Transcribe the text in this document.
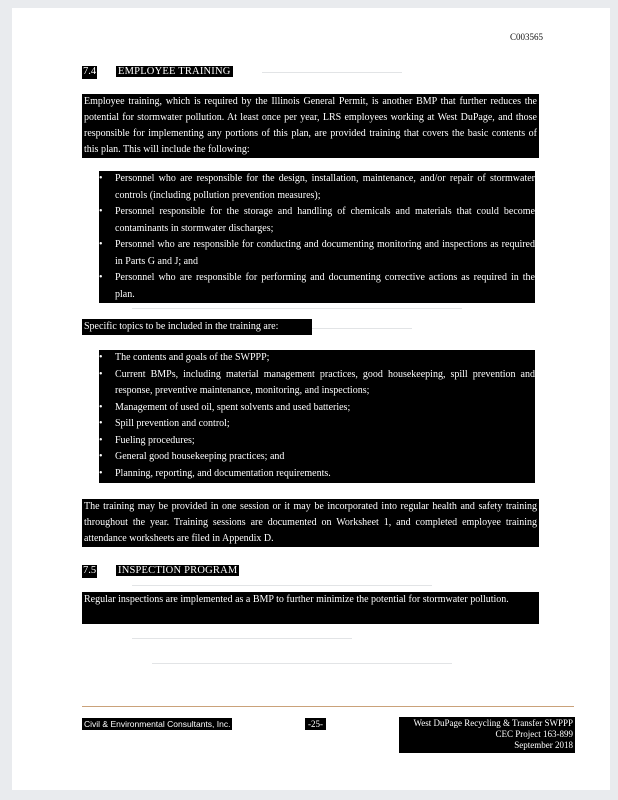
C003565
7.4 EMPLOYEE TRAINING
Employee training, which is required by the Illinois General Permit, is another BMP that further reduces the potential for stormwater pollution. At least once per year, LRS employees working at West DuPage, and those responsible for implementing any portions of this plan, are provided training that covers the basic contents of this plan. This will include the following:
• Personnel who are responsible for the design, installation, maintenance, and/or repair of stormwater controls (including pollution prevention measures);
• Personnel responsible for the storage and handling of chemicals and materials that could become contaminants in stormwater discharges;
• Personnel who are responsible for conducting and documenting monitoring and inspections as required in Parts G and J; and
• Personnel who are responsible for performing and documenting corrective actions as required in the plan.
Specific topics to be included in the training are:
• The contents and goals of the SWPPP;
• Current BMPs, including material management practices, good housekeeping, spill prevention and response, preventive maintenance, monitoring, and inspections;
• Management of used oil, spent solvents and used batteries;
• Spill prevention and control;
• Fueling procedures;
• General good housekeeping practices; and
• Planning, reporting, and documentation requirements.
The training may be provided in one session or it may be incorporated into regular health and safety training throughout the year. Training sessions are documented on Worksheet 1, and completed employee training attendance worksheets are filed in Appendix D.
7.5 INSPECTION PROGRAM
Regular inspections are implemented as a BMP to further minimize the potential for stormwater pollution.
Civil & Environmental Consultants, Inc.	-25-	West DuPage Recycling & Transfer SWPPP
CEC Project 163-899
September 2018
